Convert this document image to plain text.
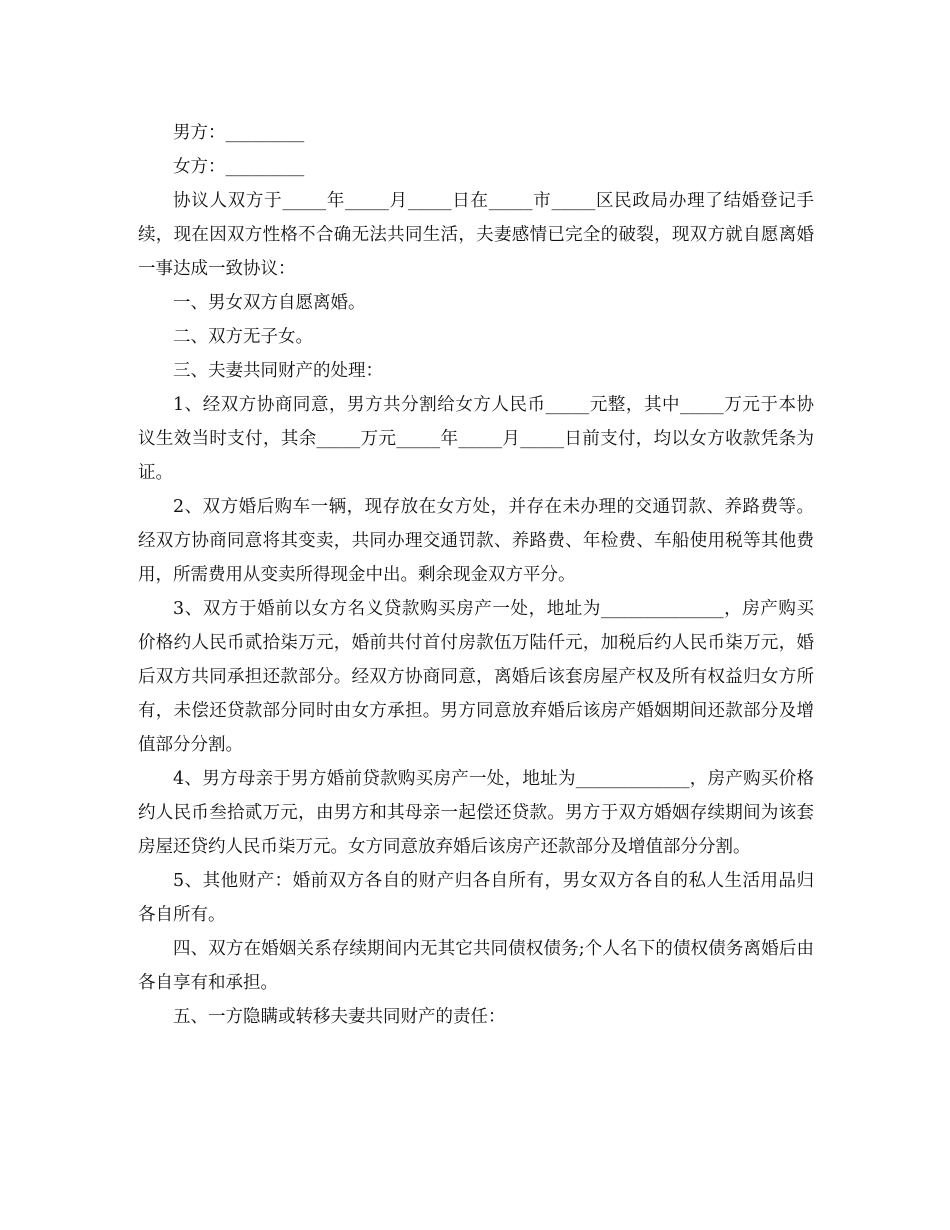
男方：_________

女方：_________

协议人双方于_____年_____月_____日在_____市_____区民政局办理了结婚登记手续，现在因双方性格不合确无法共同生活，夫妻感情已完全的破裂，现双方就自愿离婚一事达成一致协议：

一、男女双方自愿离婚。

二、双方无子女。

三、夫妻共同财产的处理：

1、经双方协商同意，男方共分割给女方人民币_____元整，其中_____万元于本协议生效当时支付，其余_____万元_____年_____月_____日前支付，均以女方收款凭条为证。

2、双方婚后购车一辆，现存放在女方处，并存在未办理的交通罚款、养路费等。经双方协商同意将其变卖，共同办理交通罚款、养路费、年检费、车船使用税等其他费用，所需费用从变卖所得现金中出。剩余现金双方平分。

3、双方于婚前以女方名义贷款购买房产一处，地址为______________，房产购买价格约人民币贰拾柒万元，婚前共付首付房款伍万陆仟元，加税后约人民币柒万元，婚后双方共同承担还款部分。经双方协商同意，离婚后该套房屋产权及所有权益归女方所有，未偿还贷款部分同时由女方承担。男方同意放弃婚后该房产婚姻期间还款部分及增值部分分割。

4、男方母亲于男方婚前贷款购买房产一处，地址为_____________，房产购买价格约人民币叁拾贰万元，由男方和其母亲一起偿还贷款。男方于双方婚姻存续期间为该套房屋还贷约人民币柒万元。女方同意放弃婚后该房产还款部分及增值部分分割。

5、其他财产：婚前双方各自的财产归各自所有，男女双方各自的私人生活用品归各自所有。

四、双方在婚姻关系存续期间内无其它共同债权债务;个人名下的债权债务离婚后由各自享有和承担。

五、一方隐瞒或转移夫妻共同财产的责任：
